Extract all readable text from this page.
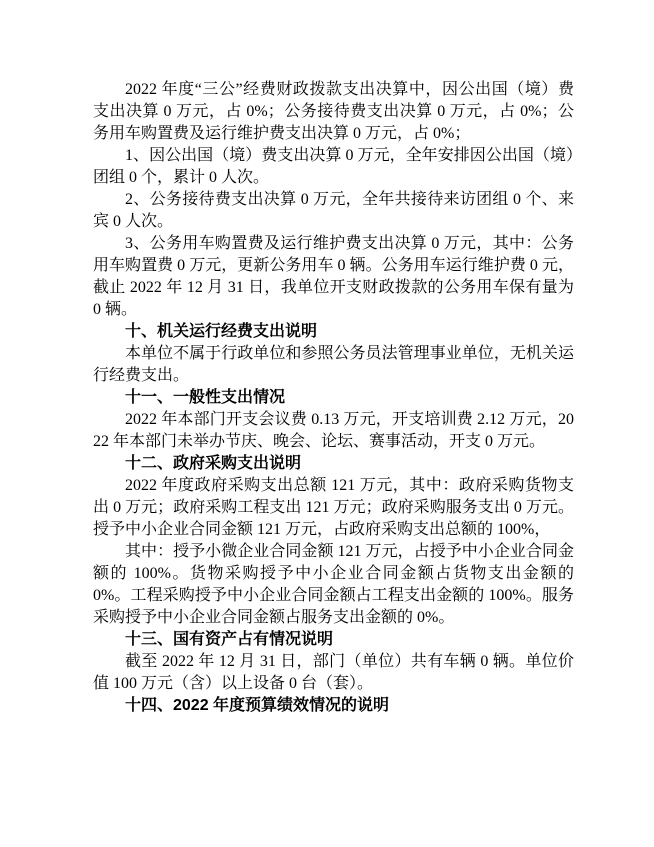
2022 年度“三公”经费财政拨款支出决算中，因公出国（境）费支出决算 0 万元，占 0%；公务接待费支出决算 0 万元，占 0%；公务用车购置费及运行维护费支出决算 0 万元，占 0%；

1、因公出国（境）费支出决算 0 万元，全年安排因公出国（境）团组 0 个，累计 0 人次。

2、公务接待费支出决算 0 万元，全年共接待来访团组 0 个、来宾 0 人次。

3、公务用车购置费及运行维护费支出决算 0 万元，其中：公务用车购置费 0 万元，更新公务用车 0 辆。公务用车运行维护费 0 元，截止 2022 年 12 月 31 日，我单位开支财政拨款的公务用车保有量为 0 辆。

十、机关运行经费支出说明

本单位不属于行政单位和参照公务员法管理事业单位，无机关运行经费支出。

十一、一般性支出情况

2022 年本部门开支会议费 0.13 万元，开支培训费 2.12 万元，2022 年本部门未举办节庆、晚会、论坛、赛事活动，开支 0 万元。

十二、政府采购支出说明

2022 年度政府采购支出总额 121 万元，其中：政府采购货物支出 0 万元；政府采购工程支出 121 万元；政府采购服务支出 0 万元。授予中小企业合同金额 121 万元，占政府采购支出总额的 100%，

其中：授予小微企业合同金额 121 万元，占授予中小企业合同金额的 100%。货物采购授予中小企业合同金额占货物支出金额的 0%。工程采购授予中小企业合同金额占工程支出金额的 100%。服务采购授予中小企业合同金额占服务支出金额的 0%。

十三、国有资产占有情况说明

截至 2022 年 12 月 31 日，部门（单位）共有车辆 0 辆。单位价值 100 万元（含）以上设备 0 台（套）。

十四、2022 年度预算绩效情况的说明
